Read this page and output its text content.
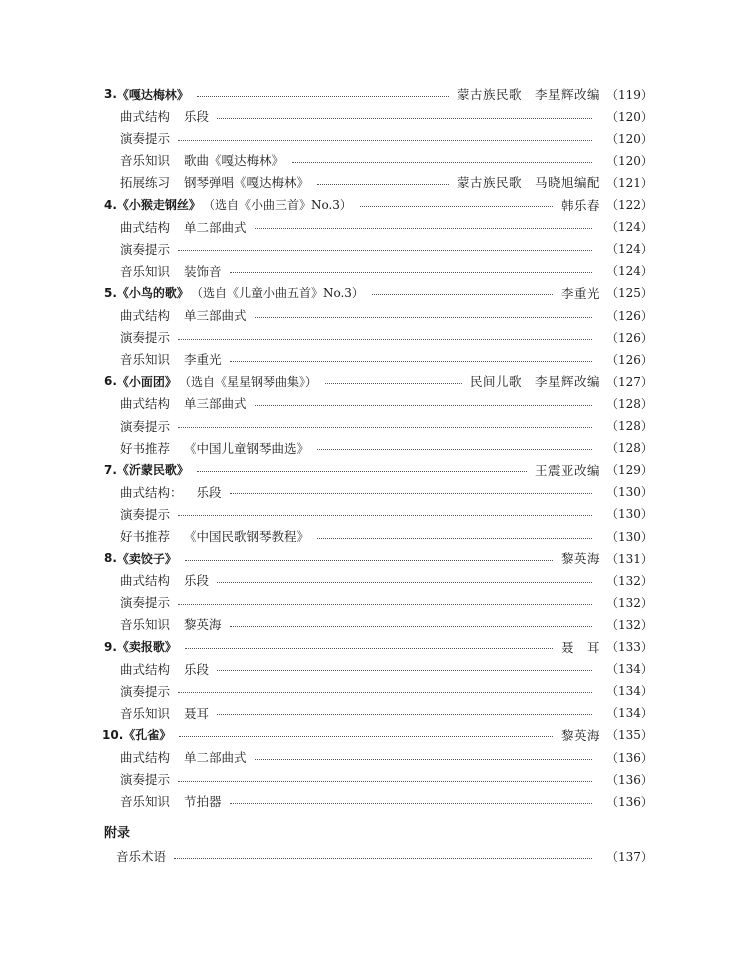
3. 《嘎达梅林》	蒙古族民歌　李星辉改编 （119）
曲式结构 乐段	（120）
演奏提示	（120）
音乐知识 歌曲《嘎达梅林》	（120）
拓展练习 钢琴弹唱《嘎达梅林》	蒙古族民歌　马晓旭编配 （121）
4. 《小猴走钢丝》 （选自《小曲三首》No.3）	韩乐春 （122）
曲式结构 单二部曲式	（124）
演奏提示	（124）
音乐知识 装饰音	（124）
5. 《小鸟的歌》 （选自《儿童小曲五首》No.3）	李重光 （125）
曲式结构 单三部曲式	（126）
演奏提示	（126）
音乐知识 李重光	（126）
6. 《小面团》 （选自《星星钢琴曲集》）	民间儿歌　李星辉改编 （127）
曲式结构 单三部曲式	（128）
演奏提示	（128）
好书推荐 《中国儿童钢琴曲选》	（128）
7. 《沂蒙民歌》	王震亚改编 （129）
曲式结构： 乐段	（130）
演奏提示	（130）
好书推荐 《中国民歌钢琴教程》	（130）
8. 《卖饺子》	黎英海 （131）
曲式结构 乐段	（132）
演奏提示	（132）
音乐知识 黎英海	（132）
9. 《卖报歌》	聂　耳 （133）
曲式结构 乐段	（134）
演奏提示	（134）
音乐知识 聂耳	（134）
10. 《孔雀》	黎英海 （135）
曲式结构 单二部曲式	（136）
演奏提示	（136）
音乐知识 节拍器	（136）
附录
音乐术语	（137）
